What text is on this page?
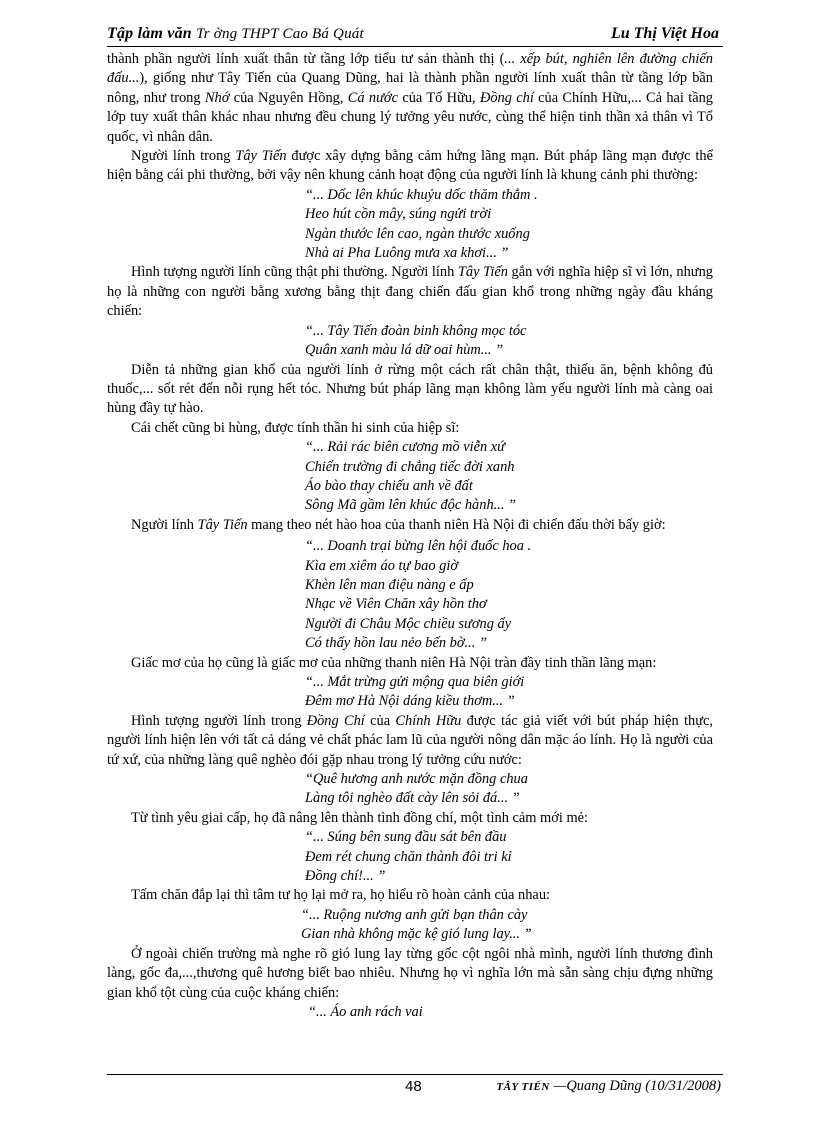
Tập làm văn Tr ờng THPT Cao Bá Quát	Lu Thị Việt Hoa

thành phần người lính xuất thân từ tầng lớp tiểu tư sản thành thị (... xếp bút, nghiên lên đường chiến đấu...), giống như Tây Tiến của Quang Dũng, hai là thành phần người lính xuất thân từ tầng lớp bần nông, như trong Nhớ của Nguyên Hồng, Cá nước của Tố Hữu, Đồng chí của Chính Hữu,... Cả hai tầng lớp tuy xuất thân khác nhau nhưng đều chung lý tưởng yêu nước, cùng thể hiện tinh thần xả thân vì Tổ quốc, vì nhân dân.

Người lính trong Tây Tiến được xây dựng bằng cảm hứng lãng mạn. Bút pháp lãng mạn được thể hiện bằng cái phi thường, bởi vậy nên khung cảnh hoạt động của người lính là khung cảnh phi thường:

“... Dốc lên khúc khuỷu dốc thăm thẳm .

Heo hút cồn mây, súng ngửi trời

Ngàn thước lên cao, ngàn thước xuống

Nhà ai Pha Luông mưa xa khơi... ”

Hình tượng người lính cũng thật phi thường. Người lính Tây Tiến gắn với nghĩa hiệp sĩ vì lớn, nhưng họ là những con người bằng xương bằng thịt đang chiến đấu gian khổ trong những ngày đầu kháng chiến:

“... Tây Tiến đoàn binh không mọc tóc

Quân xanh màu lá dữ oai hùm... ”

Diễn tả những gian khổ của người lính ở rừng một cách rất chân thật, thiếu ăn, bệnh không đủ thuốc,... sốt rét đến nỗi rụng hết tóc. Nhưng bút pháp lãng mạn không làm yếu người lính mà càng oai hùng đầy tự hào.

Cái chết cũng bi hùng, được tính thần hi sinh của hiệp sĩ:

“... Rải rác biên cương mồ viễn xứ

Chiến trường đi chẳng tiếc đời xanh

Áo bào thay chiếu anh về đất

Sông Mã gầm lên khúc độc hành... ”

Người lính Tây Tiến mang theo nét hào hoa của thanh niên Hà Nội đi chiến đấu thời bấy giờ:

“... Doanh trại bừng lên hội đuốc hoa .

Kìa em xiêm áo tự bao giờ

Khèn lên man điệu nàng e ấp

Nhạc về Viên Chăn xây hồn thơ

Người đi Châu Mộc chiều sương ấy

Có thấy hồn lau nẻo bến bờ... ”

Giấc mơ của họ cũng là giấc mơ của những thanh niên Hà Nội tràn đầy tinh thần lãng mạn:

“... Mắt trừng gửi mộng qua biên giới

Đêm mơ Hà Nội dáng kiều thơm... ”

Hình tượng người lính trong Đồng Chí của Chính Hữu được tác giả viết với bút pháp hiện thực, người lính hiện lên với tất cả dáng vẻ chất phác lam lũ của người nông dân mặc áo lính. Họ là người của tứ xứ, của những làng quê nghèo đói gặp nhau trong lý tưởng cứu nước:

“Quê hương anh nước mặn đồng chua

Làng tôi nghèo đất cày lên sỏi đá... ”

Từ tình yêu giai cấp, họ đã nâng lên thành tình đồng chí, một tình cảm mới mẻ:

“... Súng bên sung đầu sát bên đầu

Đem rét chung chăn thành đôi tri kỉ

Đồng chí!... ”

Tấm chăn đắp lại thì tâm tư họ lại mở ra, họ hiểu rõ hoàn cảnh của nhau:

“... Ruộng nương anh gửi bạn thân cày

Gian nhà không mặc kệ gió lung lay... ”

Ở ngoài chiến trường mà nghe rõ gió lung lay từng gốc cột ngôi nhà mình, người lính thương đình làng, gốc đa,...,thương quê hương biết bao nhiêu. Nhưng họ vì nghĩa lớn mà sẵn sàng chịu đựng những gian khổ tột cùng của cuộc kháng chiến:

“... Áo anh rách vai

48	TÂY TIẾN —Quang Dũng (10/31/2008)
